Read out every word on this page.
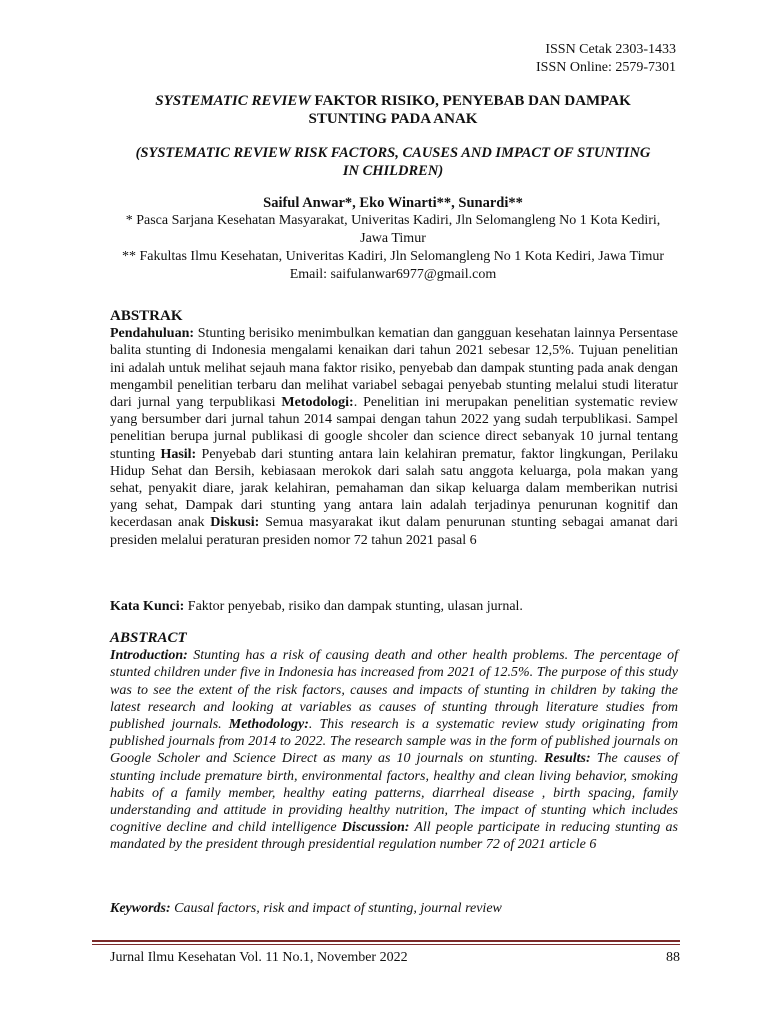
ISSN Cetak 2303-1433
ISSN Online: 2579-7301
SYSTEMATIC REVIEW FAKTOR RISIKO, PENYEBAB DAN DAMPAK
STUNTING PADA ANAK
(SYSTEMATIC REVIEW RISK FACTORS, CAUSES AND IMPACT OF STUNTING
IN CHILDREN)
Saiful Anwar*, Eko Winarti**, Sunardi**
* Pasca Sarjana Kesehatan Masyarakat, Univeritas Kadiri, Jln Selomangleng No 1 Kota Kediri, Jawa Timur
** Fakultas Ilmu Kesehatan, Univeritas Kadiri, Jln Selomangleng No 1 Kota Kediri, Jawa Timur
Email: saifulanwar6977@gmail.com
ABSTRAK
Pendahuluan: Stunting berisiko menimbulkan kematian dan gangguan kesehatan lainnya Persentase balita stunting di Indonesia mengalami kenaikan dari tahun 2021 sebesar 12,5%. Tujuan penelitian ini adalah untuk melihat sejauh mana faktor risiko, penyebab dan dampak stunting pada anak dengan mengambil penelitian terbaru dan melihat variabel sebagai penyebab stunting melalui studi literatur dari jurnal yang terpublikasi Metodologi:. Penelitian ini merupakan penelitian systematic review yang bersumber dari jurnal tahun 2014 sampai dengan tahun 2022 yang sudah terpublikasi. Sampel penelitian berupa jurnal publikasi di google shcoler dan science direct sebanyak 10 jurnal tentang stunting Hasil: Penyebab dari stunting antara lain kelahiran prematur, faktor lingkungan, Perilaku Hidup Sehat dan Bersih, kebiasaan merokok dari salah satu anggota keluarga, pola makan yang sehat, penyakit diare, jarak kelahiran, pemahaman dan sikap keluarga dalam memberikan nutrisi yang sehat, Dampak dari stunting yang antara lain adalah terjadinya penurunan kognitif dan kecerdasan anak Diskusi: Semua masyarakat ikut dalam penurunan stunting sebagai amanat dari presiden melalui peraturan presiden nomor 72 tahun 2021 pasal 6
Kata Kunci: Faktor penyebab, risiko dan dampak stunting, ulasan jurnal.
ABSTRACT
Introduction: Stunting has a risk of causing death and other health problems. The percentage of stunted children under five in Indonesia has increased from 2021 of 12.5%. The purpose of this study was to see the extent of the risk factors, causes and impacts of stunting in children by taking the latest research and looking at variables as causes of stunting through literature studies from published journals. Methodology:. This research is a systematic review study originating from published journals from 2014 to 2022. The research sample was in the form of published journals on Google Scholer and Science Direct as many as 10 journals on stunting. Results: The causes of stunting include premature birth, environmental factors, healthy and clean living behavior, smoking habits of a family member, healthy eating patterns, diarrheal disease , birth spacing, family understanding and attitude in providing healthy nutrition, The impact of stunting which includes cognitive decline and child intelligence Discussion: All people participate in reducing stunting as mandated by the president through presidential regulation number 72 of 2021 article 6
Keywords: Causal factors, risk and impact of stunting, journal review
Jurnal Ilmu Kesehatan Vol. 11 No.1, November 2022	88
